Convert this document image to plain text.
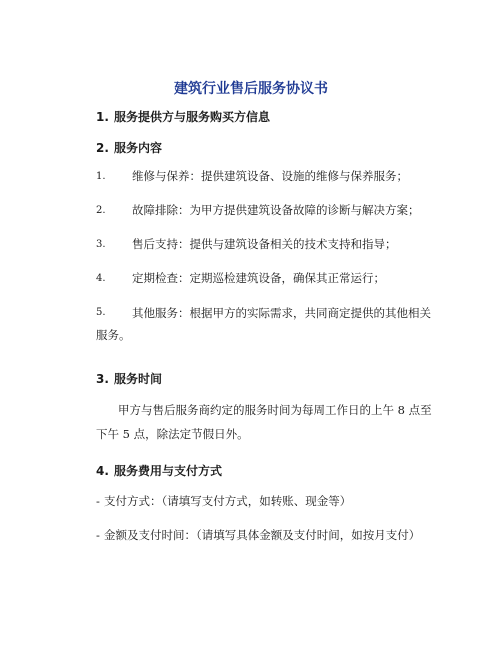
建筑行业售后服务协议书
1. 服务提供方与服务购买方信息
2. 服务内容
1.	维修与保养：提供建筑设备、设施的维修与保养服务；
2.	故障排除：为甲方提供建筑设备故障的诊断与解决方案；
3.	售后支持：提供与建筑设备相关的技术支持和指导；
4.	定期检查：定期巡检建筑设备，确保其正常运行；
5.	其他服务：根据甲方的实际需求，共同商定提供的其他相关服务。
3. 服务时间
甲方与售后服务商约定的服务时间为每周工作日的上午 8 点至下午 5 点，除法定节假日外。
4. 服务费用与支付方式
- 支付方式：（请填写支付方式，如转账、现金等）
- 金额及支付时间：（请填写具体金额及支付时间，如按月支付）
